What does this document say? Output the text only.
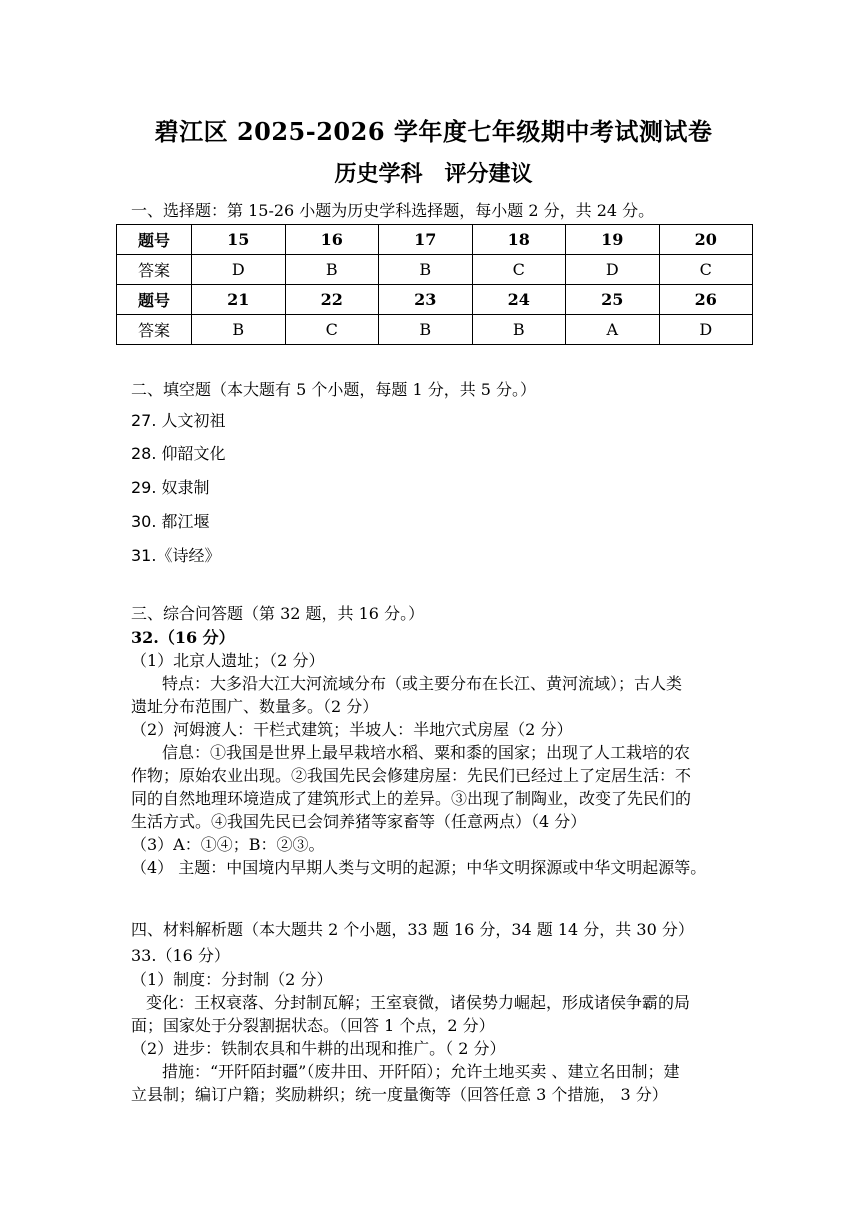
碧江区 2025-2026 学年度七年级期中考试测试卷
历史学科 评分建议
一、选择题：第 15-26 小题为历史学科选择题，每小题 2 分，共 24 分。
题号	15	16	17	18	19	20
答案	D	B	B	C	D	C
题号	21	22	23	24	25	26
答案	B	C	B	B	A	D
二、填空题（本大题有 5 个小题，每题 1 分，共 5 分。）
27. 人文初祖
28. 仰韶文化
29. 奴隶制
30. 都江堰
31.《诗经》
三、综合问答题（第 32 题，共 16 分。）
32.（16 分）
（1）北京人遗址；（2 分）
特点：大多沿大江大河流域分布（或主要分布在长江、黄河流域）；古人类
遗址分布范围广、数量多。（2 分）
（2）河姆渡人：干栏式建筑；半坡人：半地穴式房屋（2 分）
信息：①我国是世界上最早栽培水稻、粟和黍的国家；出现了人工栽培的农
作物；原始农业出现。②我国先民会修建房屋：先民们已经过上了定居生活：不
同的自然地理环境造成了建筑形式上的差异。③出现了制陶业，改变了先民们的
生活方式。④我国先民已会饲养猪等家畜等（任意两点）（4 分）
（3）A：①④；B：②③。
（4） 主题：中国境内早期人类与文明的起源；中华文明探源或中华文明起源等。
四、材料解析题（本大题共 2 个小题，33 题 16 分，34 题 14 分，共 30 分）
33.（16 分）
（1）制度：分封制（2 分）
变化：王权衰落、分封制瓦解；王室衰微，诸侯势力崛起，形成诸侯争霸的局
面；国家处于分裂割据状态。（回答 1 个点，2 分）
（2）进步：铁制农具和牛耕的出现和推广。（ 2 分）
措施：“开阡陌封疆”（废井田、开阡陌）；允许土地买卖 、建立名田制；建
立县制；编订户籍；奖励耕织；统一度量衡等（回答任意 3 个措施， 3 分）
